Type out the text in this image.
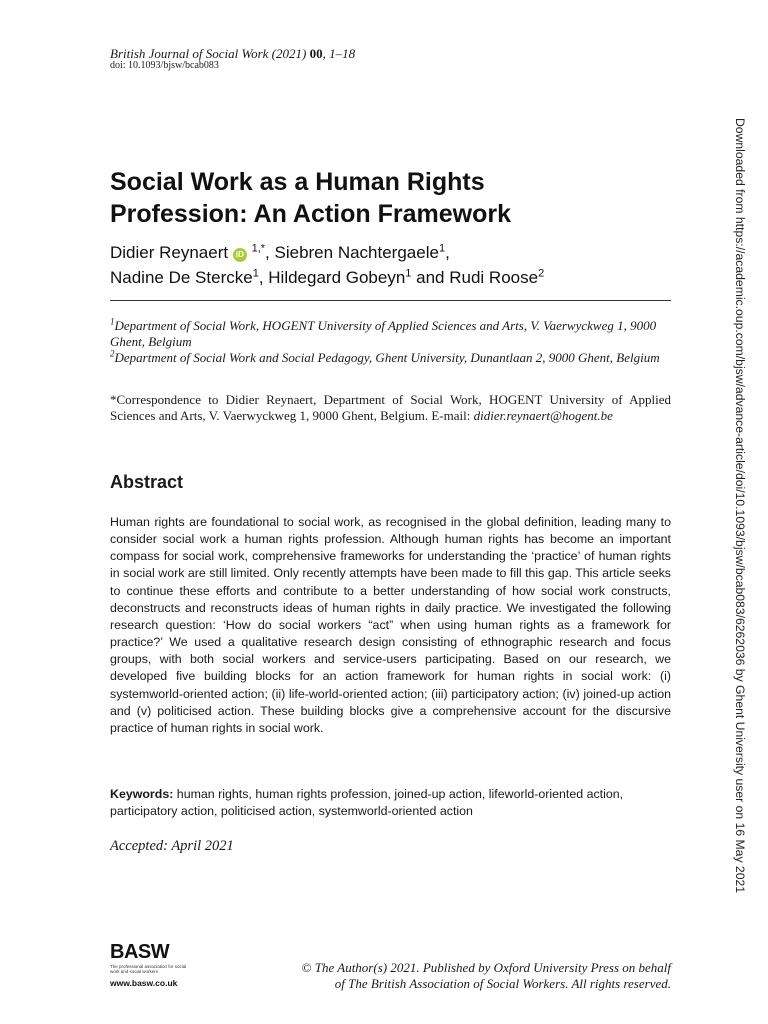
British Journal of Social Work (2021) 00, 1–18
doi: 10.1093/bjsw/bcab083
Downloaded from https://academic.oup.com/bjsw/advance-article/doi/10.1093/bjsw/bcab083/6262036 by Ghent University user on 16 May 2021
Social Work as a Human Rights
Profession: An Action Framework
Didier Reynaert iD $^{1,*}$, Siebren Nachtergaele$^1$,
Nadine De Stercke$^1$, Hildegard Gobeyn$^1$ and Rudi Roose$^2$

$^1$Department of Social Work, HOGENT University of Applied Sciences and Arts, V. Vaerwyckweg 1, 9000 Ghent, Belgium

$^2$Department of Social Work and Social Pedagogy, Ghent University, Dunantlaan 2, 9000 Ghent, Belgium

*Correspondence to Didier Reynaert, Department of Social Work, HOGENT University of Applied Sciences and Arts, V. Vaerwyckweg 1, 9000 Ghent, Belgium. E-mail: didier.reynaert@hogent.be

Abstract

Human rights are foundational to social work, as recognised in the global definition, leading many to consider social work a human rights profession. Although human rights has become an important compass for social work, comprehensive frameworks for understanding the ‘practice’ of human rights in social work are still limited. Only recently attempts have been made to fill this gap. This article seeks to continue these efforts and contribute to a better understanding of how social work constructs, deconstructs and reconstructs ideas of human rights in daily practice. We investigated the following research question: ‘How do social workers “act” when using human rights as a framework for practice?’ We used a qualitative research design consisting of ethnographic research and focus groups, with both social workers and service-users participating. Based on our research, we developed five building blocks for an action framework for human rights in social work: (i) systemworld-oriented action; (ii) life-world-oriented action; (iii) participatory action; (iv) joined-up action and (v) politicised action. These building blocks give a comprehensive account for the discursive practice of human rights in social work.

Keywords: human rights, human rights profession, joined-up action, lifeworld-oriented action, participatory action, politicised action, systemworld-oriented action

Accepted: April 2021

BASW
The professional association for social work and social workers
www.basw.co.uk

© The Author(s) 2021. Published by Oxford University Press on behalf
of The British Association of Social Workers. All rights reserved.
